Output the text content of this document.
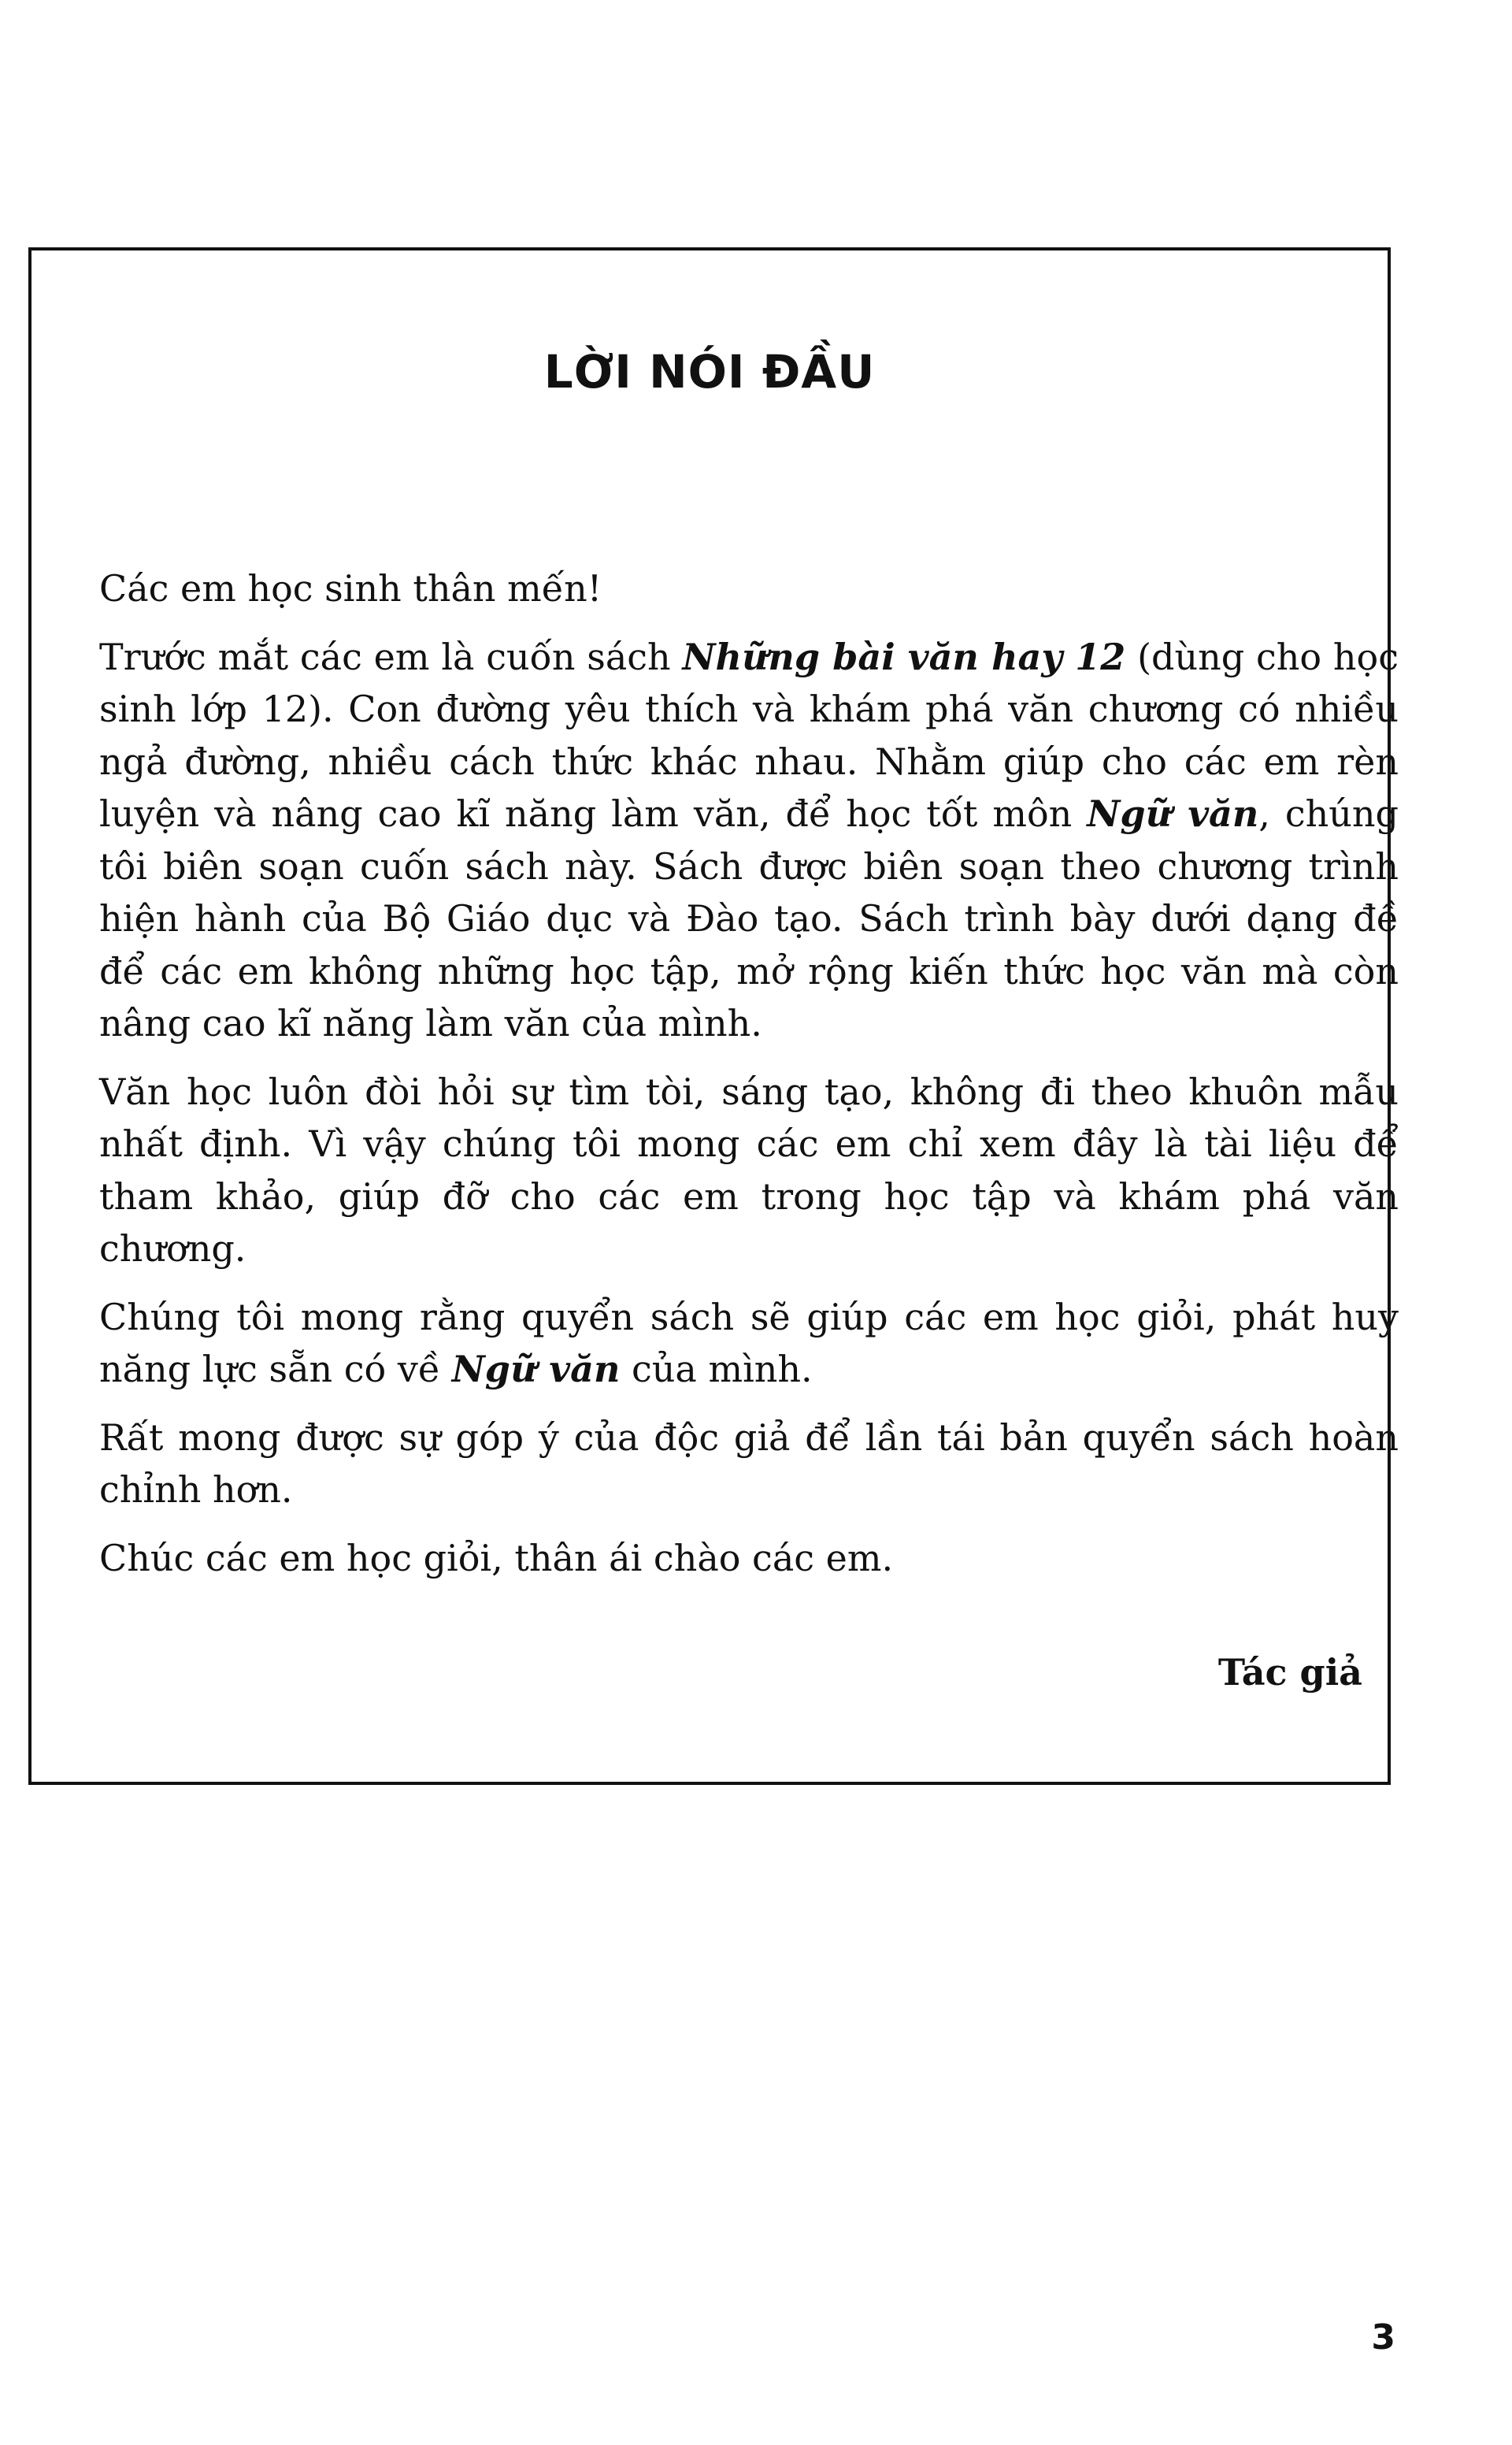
LỜI NÓI ĐẦU

Các em học sinh thân mến!

Trước mắt các em là cuốn sách Những bài văn hay 12 (dùng cho học sinh lớp 12). Con đường yêu thích và khám phá văn chương có nhiều ngả đường, nhiều cách thức khác nhau. Nhằm giúp cho các em rèn luyện và nâng cao kĩ năng làm văn, để học tốt môn Ngữ văn, chúng tôi biên soạn cuốn sách này. Sách được biên soạn theo chương trình hiện hành của Bộ Giáo dục và Đào tạo. Sách trình bày dưới dạng đề để các em không những học tập, mở rộng kiến thức học văn mà còn nâng cao kĩ năng làm văn của mình.

Văn học luôn đòi hỏi sự tìm tòi, sáng tạo, không đi theo khuôn mẫu nhất định. Vì vậy chúng tôi mong các em chỉ xem đây là tài liệu để tham khảo, giúp đỡ cho các em trong học tập và khám phá văn chương.

Chúng tôi mong rằng quyển sách sẽ giúp các em học giỏi, phát huy năng lực sẵn có về Ngữ văn của mình.

Rất mong được sự góp ý của độc giả để lần tái bản quyển sách hoàn chỉnh hơn.

Chúc các em học giỏi, thân ái chào các em.

Tác giả

3
